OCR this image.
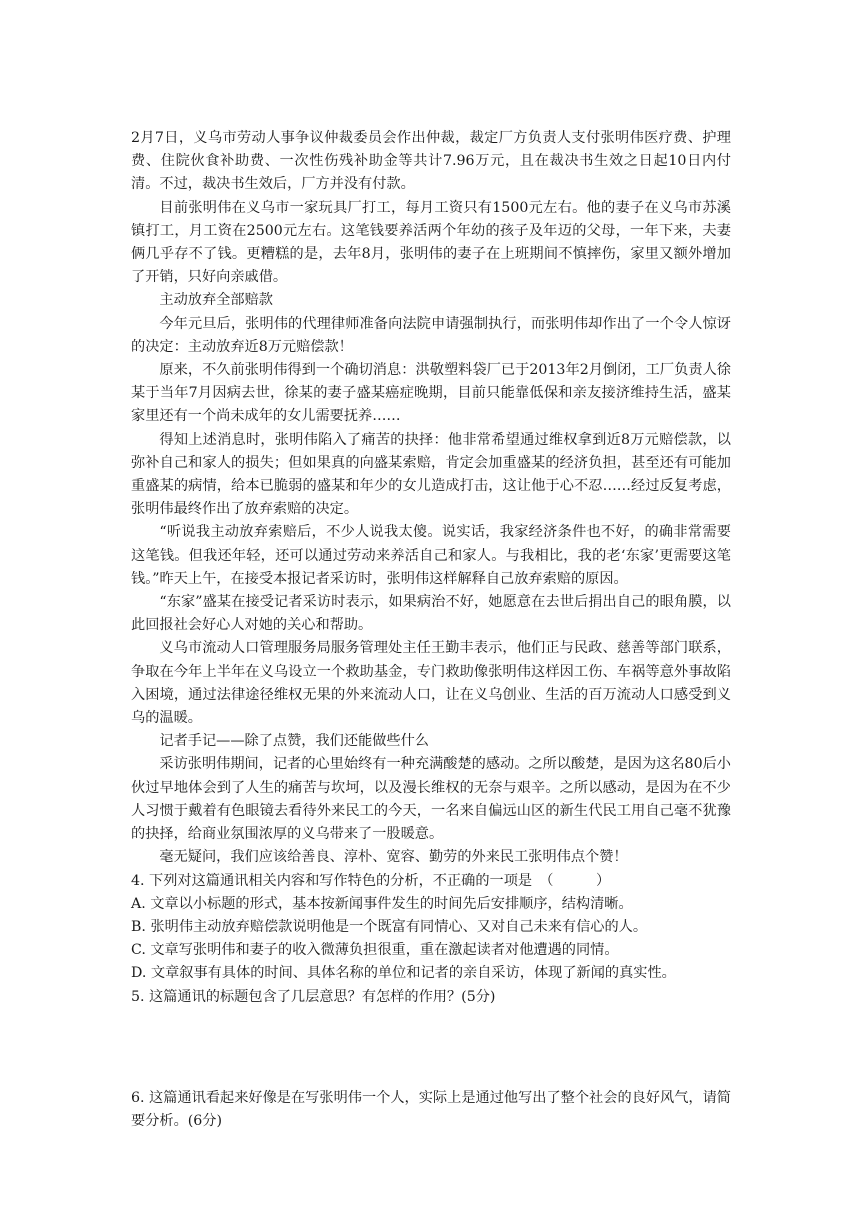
2月7日，义乌市劳动人事争议仲裁委员会作出仲裁，裁定厂方负责人支付张明伟医疗费、护理费、住院伙食补助费、一次性伤残补助金等共计7.96万元，且在裁决书生效之日起10日内付清。不过，裁决书生效后，厂方并没有付款。

目前张明伟在义乌市一家玩具厂打工，每月工资只有1500元左右。他的妻子在义乌市苏溪镇打工，月工资在2500元左右。这笔钱要养活两个年幼的孩子及年迈的父母，一年下来，夫妻俩几乎存不了钱。更糟糕的是，去年8月，张明伟的妻子在上班期间不慎摔伤，家里又额外增加了开销，只好向亲戚借。

主动放弃全部赔款

今年元旦后，张明伟的代理律师准备向法院申请强制执行，而张明伟却作出了一个令人惊讶的决定：主动放弃近8万元赔偿款！

原来，不久前张明伟得到一个确切消息：洪敬塑料袋厂已于2013年2月倒闭，工厂负责人徐某于当年7月因病去世，徐某的妻子盛某癌症晚期，目前只能靠低保和亲友接济维持生活，盛某家里还有一个尚未成年的女儿需要抚养……

得知上述消息时，张明伟陷入了痛苦的抉择：他非常希望通过维权拿到近8万元赔偿款，以弥补自己和家人的损失；但如果真的向盛某索赔，肯定会加重盛某的经济负担，甚至还有可能加重盛某的病情，给本已脆弱的盛某和年少的女儿造成打击，这让他于心不忍……经过反复考虑，张明伟最终作出了放弃索赔的决定。

“听说我主动放弃索赔后，不少人说我太傻。说实话，我家经济条件也不好，的确非常需要这笔钱。但我还年轻，还可以通过劳动来养活自己和家人。与我相比，我的老‘东家’更需要这笔钱。”昨天上午，在接受本报记者采访时，张明伟这样解释自己放弃索赔的原因。

“东家”盛某在接受记者采访时表示，如果病治不好，她愿意在去世后捐出自己的眼角膜，以此回报社会好心人对她的关心和帮助。

义乌市流动人口管理服务局服务管理处主任王勤丰表示，他们正与民政、慈善等部门联系，争取在今年上半年在义乌设立一个救助基金，专门救助像张明伟这样因工伤、车祸等意外事故陷入困境，通过法律途径维权无果的外来流动人口，让在义乌创业、生活的百万流动人口感受到义乌的温暖。

记者手记——除了点赞，我们还能做些什么

采访张明伟期间，记者的心里始终有一种充满酸楚的感动。之所以酸楚，是因为这名80后小伙过早地体会到了人生的痛苦与坎坷，以及漫长维权的无奈与艰辛。之所以感动，是因为在不少人习惯于戴着有色眼镜去看待外来民工的今天，一名来自偏远山区的新生代民工用自己毫不犹豫的抉择，给商业氛围浓厚的义乌带来了一股暖意。

毫无疑问，我们应该给善良、淳朴、宽容、勤劳的外来民工张明伟点个赞！

4. 下列对这篇通讯相关内容和写作特色的分析，不正确的一项是　（　　　）

A. 文章以小标题的形式，基本按新闻事件发生的时间先后安排顺序，结构清晰。

B. 张明伟主动放弃赔偿款说明他是一个既富有同情心、又对自己未来有信心的人。

C. 文章写张明伟和妻子的收入微薄负担很重，重在激起读者对他遭遇的同情。

D. 文章叙事有具体的时间、具体名称的单位和记者的亲自采访，体现了新闻的真实性。

5. 这篇通讯的标题包含了几层意思？有怎样的作用？(5分)

6. 这篇通讯看起来好像是在写张明伟一个人，实际上是通过他写出了整个社会的良好风气，请简要分析。(6分)
